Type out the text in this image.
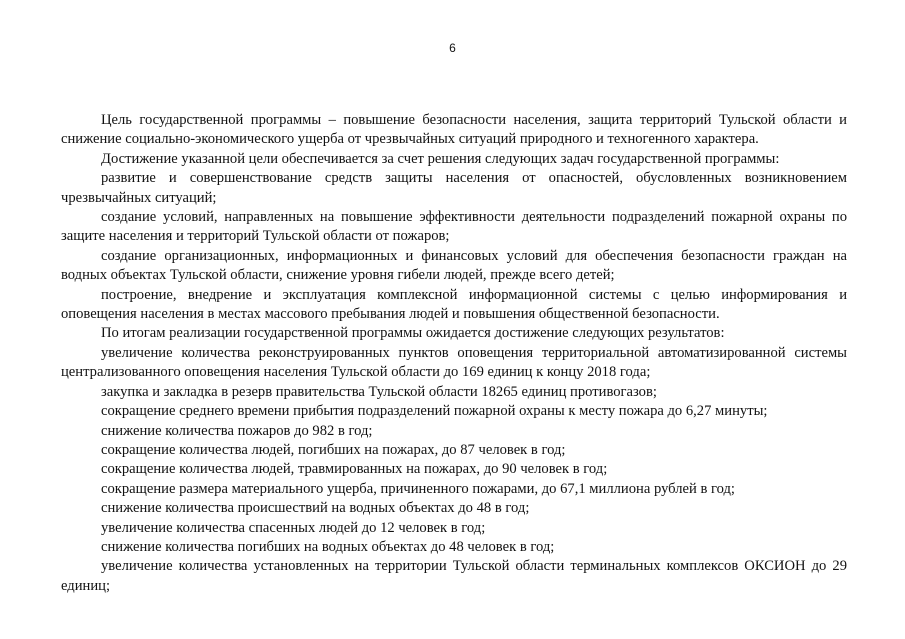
6

Цель государственной программы – повышение безопасности населения, защита территорий Тульской области и снижение социально-экономического ущерба от чрезвычайных ситуаций природного и техногенного характера.

Достижение указанной цели обеспечивается за счет решения следующих задач государственной программы:

развитие и совершенствование средств защиты населения от опасностей, обусловленных возникновением чрезвычайных ситуаций;

создание условий, направленных на повышение эффективности деятельности подразделений пожарной охраны по защите населения и территорий Тульской области от пожаров;

создание организационных, информационных и финансовых условий для обеспечения безопасности граждан на водных объектах Тульской области, снижение уровня гибели людей, прежде всего детей;

построение, внедрение и эксплуатация комплексной информационной системы с целью информирования и оповещения населения в местах массового пребывания людей и повышения общественной безопасности.

По итогам реализации государственной программы ожидается достижение следующих результатов:

увеличение количества реконструированных пунктов оповещения территориальной автоматизированной системы централизованного оповещения населения Тульской области до 169 единиц к концу 2018 года;

закупка и закладка в резерв правительства Тульской области 18265 единиц противогазов;

сокращение среднего времени прибытия подразделений пожарной охраны к месту пожара до 6,27 минуты;

снижение количества пожаров до 982 в год;

сокращение количества людей, погибших на пожарах, до 87 человек в год;

сокращение количества людей, травмированных на пожарах, до 90 человек в год;

сокращение размера материального ущерба, причиненного пожарами, до 67,1 миллиона рублей в год;

снижение количества происшествий на водных объектах до 48 в год;

увеличение количества спасенных людей до 12 человек в год;

снижение количества погибших на водных объектах до 48 человек в год;

увеличение количества установленных на территории Тульской области терминальных комплексов ОКСИОН до 29 единиц;
